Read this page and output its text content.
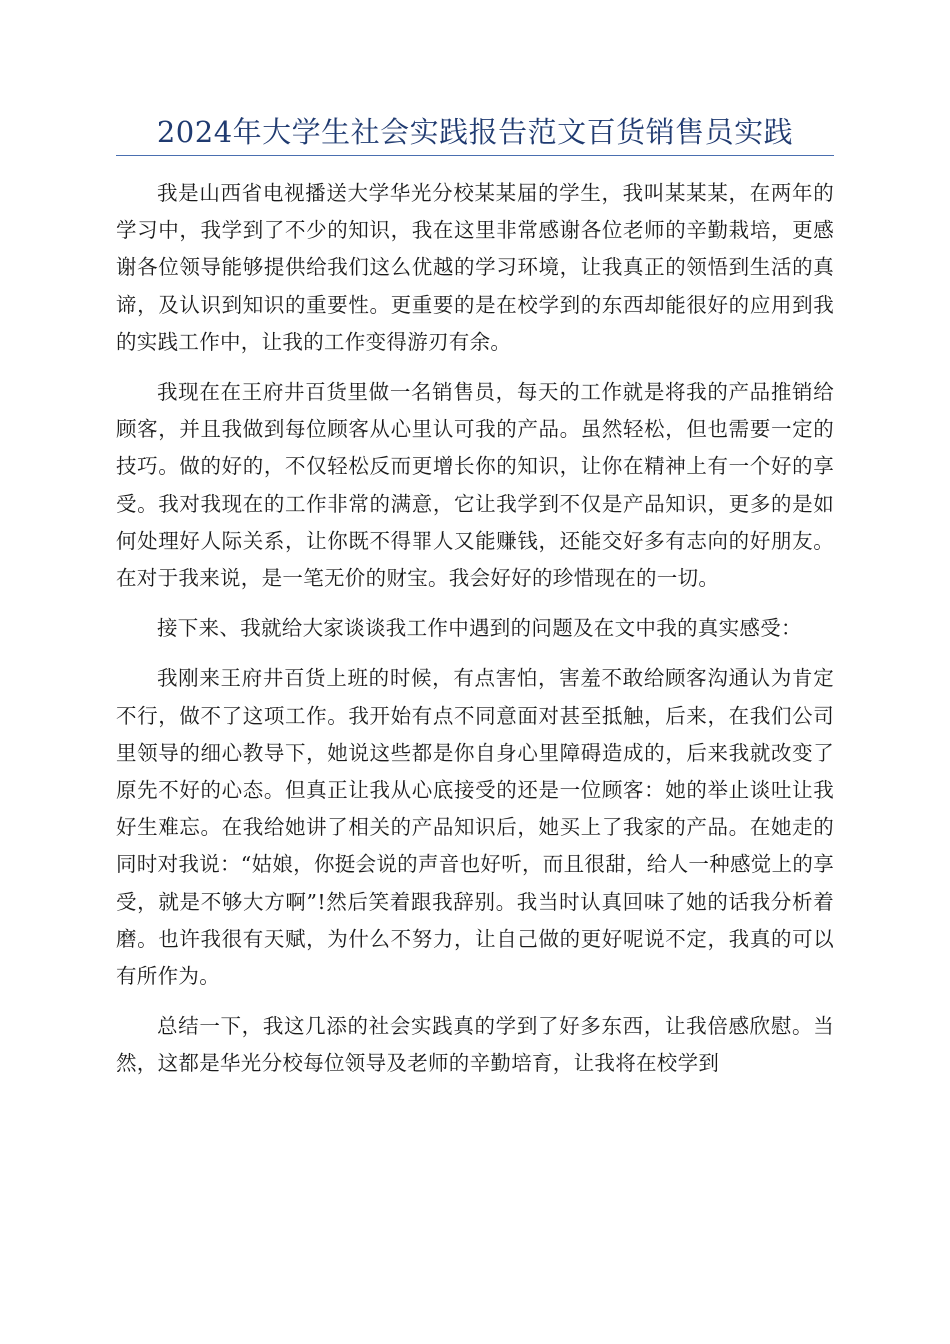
2024年大学生社会实践报告范文百货销售员实践

我是山西省电视播送大学华光分校某某届的学生，我叫某某某，在两年的学习中，我学到了不少的知识，我在这里非常感谢各位老师的辛勤栽培，更感谢各位领导能够提供给我们这么优越的学习环境，让我真正的领悟到生活的真谛，及认识到知识的重要性。更重要的是在校学到的东西却能很好的应用到我的实践工作中，让我的工作变得游刃有余。

我现在在王府井百货里做一名销售员，每天的工作就是将我的产品推销给顾客，并且我做到每位顾客从心里认可我的产品。虽然轻松，但也需要一定的技巧。做的好的，不仅轻松反而更增长你的知识，让你在精神上有一个好的享受。我对我现在的工作非常的满意，它让我学到不仅是产品知识，更多的是如何处理好人际关系，让你既不得罪人又能赚钱，还能交好多有志向的好朋友。在对于我来说，是一笔无价的财宝。我会好好的珍惜现在的一切。

接下来、我就给大家谈谈我工作中遇到的问题及在文中我的真实感受：

我刚来王府井百货上班的时候，有点害怕，害羞不敢给顾客沟通认为肯定不行，做不了这项工作。我开始有点不同意面对甚至抵触，后来，在我们公司里领导的细心教导下，她说这些都是你自身心里障碍造成的，后来我就改变了原先不好的心态。但真正让我从心底接受的还是一位顾客：她的举止谈吐让我好生难忘。在我给她讲了相关的产品知识后，她买上了我家的产品。在她走的同时对我说：“姑娘，你挺会说的声音也好听，而且很甜，给人一种感觉上的享受，就是不够大方啊”!然后笑着跟我辞别。我当时认真回味了她的话我分析着磨。也许我很有天赋，为什么不努力，让自己做的更好呢说不定，我真的可以有所作为。

总结一下，我这几添的社会实践真的学到了好多东西，让我倍感欣慰。当然，这都是华光分校每位领导及老师的辛勤培育，让我将在校学到
